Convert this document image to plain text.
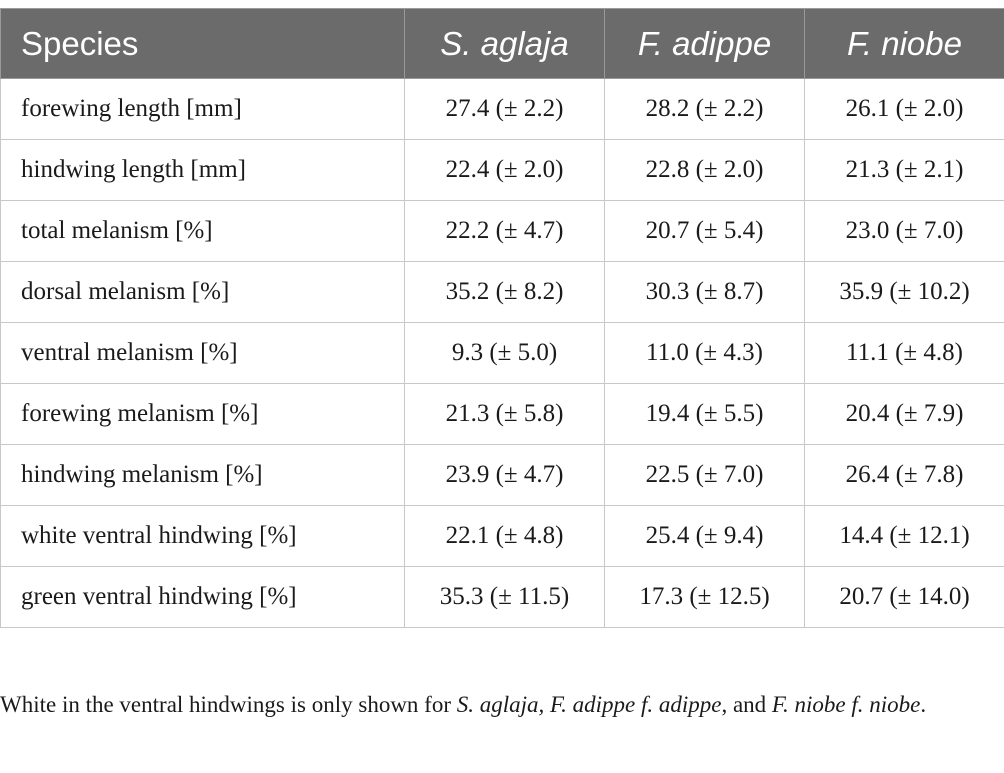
Species	S. aglaja	F. adippe	F. niobe
forewing length [mm]	27.4 (± 2.2)	28.2 (± 2.2)	26.1 (± 2.0)
hindwing length [mm]	22.4 (± 2.0)	22.8 (± 2.0)	21.3 (± 2.1)
total melanism [%]	22.2 (± 4.7)	20.7 (± 5.4)	23.0 (± 7.0)
dorsal melanism [%]	35.2 (± 8.2)	30.3 (± 8.7)	35.9 (± 10.2)
ventral melanism [%]	9.3 (± 5.0)	11.0 (± 4.3)	11.1 (± 4.8)
forewing melanism [%]	21.3 (± 5.8)	19.4 (± 5.5)	20.4 (± 7.9)
hindwing melanism [%]	23.9 (± 4.7)	22.5 (± 7.0)	26.4 (± 7.8)
white ventral hindwing [%]	22.1 (± 4.8)	25.4 (± 9.4)	14.4 (± 12.1)
green ventral hindwing [%]	35.3 (± 11.5)	17.3 (± 12.5)	20.7 (± 14.0)

White in the ventral hindwings is only shown for S. aglaja, F. adippe f. adippe, and F. niobe f. niobe.
